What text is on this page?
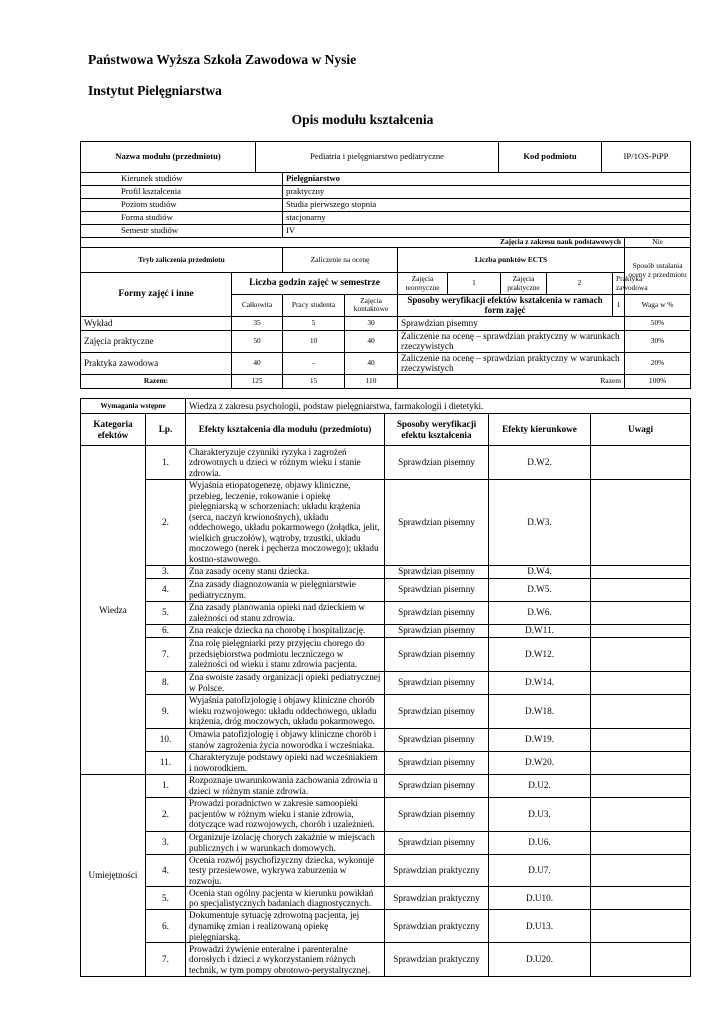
Państwowa Wyższa Szkoła Zawodowa w Nysie
Instytut Pielęgniarstwa
Opis modułu kształcenia
Nazwa modułu (przedmiotu)	Pediatria i pielęgniarstwo pediatryczne	Kod podmiotu	IP/1OS-PiPP
Kierunek studiów		Pielęgniarstwo							
Profil kształcenia		praktyczny							
Poziom studiów		Studia pierwszego stopnia							
Forma studiów		stacjonarny							
Semestr studiów		IV							
Zajęcia z zakresu nauk podstawowych									Nie
Tryb zaliczenia przedmiotu		Zaliczenie na ocenę		Liczba punktów ECTS					Sposób ustalania oceny z przedmiotu
Formy zajęć i inne	Liczba godzin zajęć w semestrze			Zajęcia teoretyczne	1	Zajęcia praktyczne	2	Praktyka zawodowa	
	Całkowita	Pracy studenta	Zajęcia kontaktowe	Sposoby weryfikacji efektów kształcenia w ramach form zajęć				1	Waga w %
Wykład	35	5	30	Sprawdzian pisemny					50%
Zajęcia praktyczne	50	10	40	Zaliczenie na ocenę – sprawdzian praktyczny w warunkach rzeczywistych					30%
Praktyka zawodowa	40	-	40	Zaliczenie na ocenę – sprawdzian praktyczny w warunkach rzeczywistych					20%
Razem:	125	15	110	Razem					100%
Wymagania wstępne	Wiedza z zakresu psychologii, podstaw pielęgniarstwa, farmakologii i dietetyki.
Kategoria efektów	Lp.	Efekty kształcenia dla modułu (przedmiotu)	Sposoby weryfikacji efektu kształcenia	Efekty kierunkowe	Uwagi
Wiedza	1.	Charakteryzuje czynniki ryzyka i zagrożeń zdrowotnych u dzieci w różnym wieku i stanie zdrowia.	Sprawdzian pisemny	D.W2.	
	2.	Wyjaśnia etiopatogenezę, objawy kliniczne, przebieg, leczenie, rokowanie i opiekę pielęgniarską w schorzeniach: układu krążenia (serca, naczyń krwionośnych), układu oddechowego, układu pokarmowego (żołądka, jelit, wielkich gruczołów), wątroby, trzustki, układu moczowego (nerek i pęcherza moczowego); układu kostno-stawowego.	Sprawdzian pisemny	D.W3.	
	3.	Zna zasady oceny stanu dziecka.	Sprawdzian pisemny	D.W4.	
	4.	Zna zasady diagnozowania w pielęgniarstwie pediatrycznym.	Sprawdzian pisemny	D.W5.	
	5.	Zna zasady planowania opieki nad dzieckiem w zależności od stanu zdrowia.	Sprawdzian pisemny	D.W6.	
	6.	Zna reakcje dziecka na chorobę i hospitalizację.	Sprawdzian pisemny	D.W11.	
	7.	Zna rolę pielęgniarki przy przyjęciu chorego do przedsiębiorstwa podmiotu leczniczego w zależności od wieku i stanu zdrowia pacjenta.	Sprawdzian pisemny	D.W12.	
	8.	Zna swoiste zasady organizacji opieki pediatrycznej w Polsce.	Sprawdzian pisemny	D.W14.	
	9.	Wyjaśnia patofizjologię i objawy kliniczne chorób wieku rozwojowego: układu oddechowego, układu krążenia, dróg moczowych, układu pokarmowego.	Sprawdzian pisemny	D.W18.	
	10.	Omawia patofizjologię i objawy kliniczne chorób i stanów zagrożenia życia noworodka i wcześniaka.	Sprawdzian pisemny	D.W19.	
	11.	Charakteryzuje podstawy opieki nad wcześniakiem i noworodkiem.	Sprawdzian pisemny	D.W20.	
Umiejętności	1.	Rozpoznaje uwarunkowania zachowania zdrowia u dzieci w różnym stanie zdrowia.	Sprawdzian pisemny	D.U2.	
	2.	Prowadzi poradnictwo w zakresie samoopieki pacjentów w różnym wieku i stanie zdrowia, dotyczące wad rozwojowych, chorób i uzależnień.	Sprawdzian pisemny	D.U3.	
	3.	Organizuje izolację chorych zakaźnie w miejscach publicznych i w warunkach domowych.	Sprawdzian pisemny	D.U6.	
	4.	Ocenia rozwój psychofizyczny dziecka, wykonuje testy przesiewowe, wykrywa zaburzenia w rozwoju.	Sprawdzian praktyczny	D.U7.	
	5.	Ocenia stan ogólny pacjenta w kierunku powikłań po specjalistycznych badaniach diagnostycznych.	Sprawdzian praktyczny	D.U10.	
	6.	Dokumentuje sytuację zdrowotną pacjenta, jej dynamikę zmian i realizowaną opiekę pielęgniarską.	Sprawdzian praktyczny	D.U13.	
	7.	Prowadzi żywienie enteralne i parenteralne dorosłych i dzieci z wykorzystaniem różnych technik, w tym pompy obrotowo-perystaltycznej.	Sprawdzian praktyczny	D.U20.	
